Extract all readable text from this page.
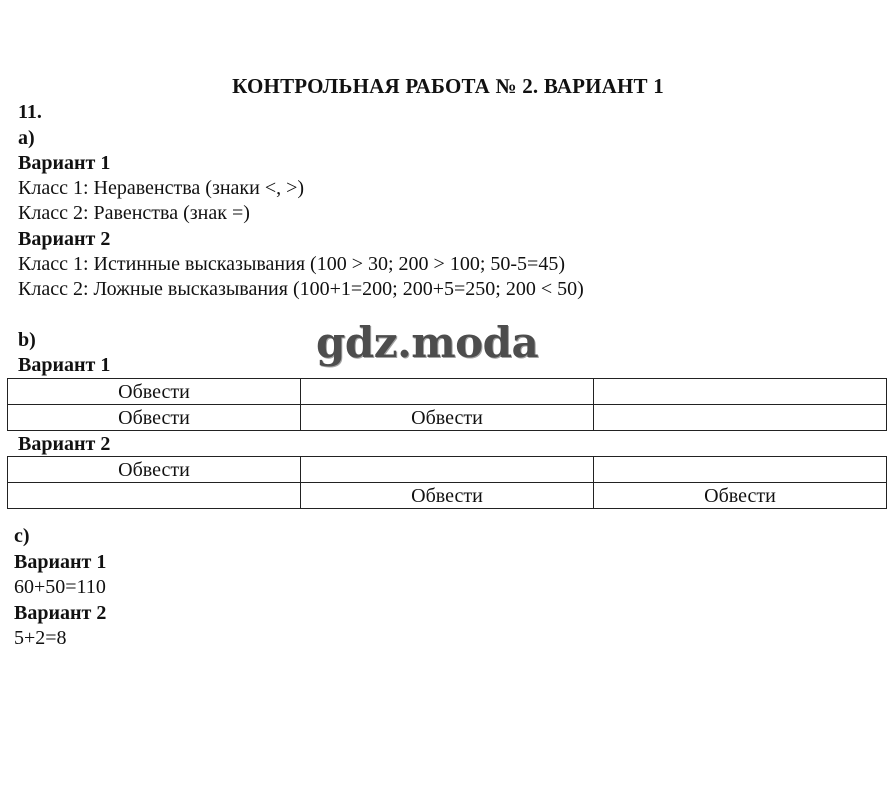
КОНТРОЛЬНАЯ РАБОТА № 2. ВАРИАНТ 1
11.
а)
Вариант 1
Класс 1: Неравенства (знаки <, >)
Класс 2: Равенства (знак =)
Вариант 2
Класс 1: Истинные высказывания (100 > 30; 200 > 100; 50-5=45)
Класс 2: Ложные высказывания (100+1=200; 200+5=250; 200 < 50)
b)	gdz.moda
Вариант 1
Обвести		
Обвести	Обвести	
Вариант 2
Обвести		
	Обвести	Обвести
c)
Вариант 1
60+50=110
Вариант 2
5+2=8
